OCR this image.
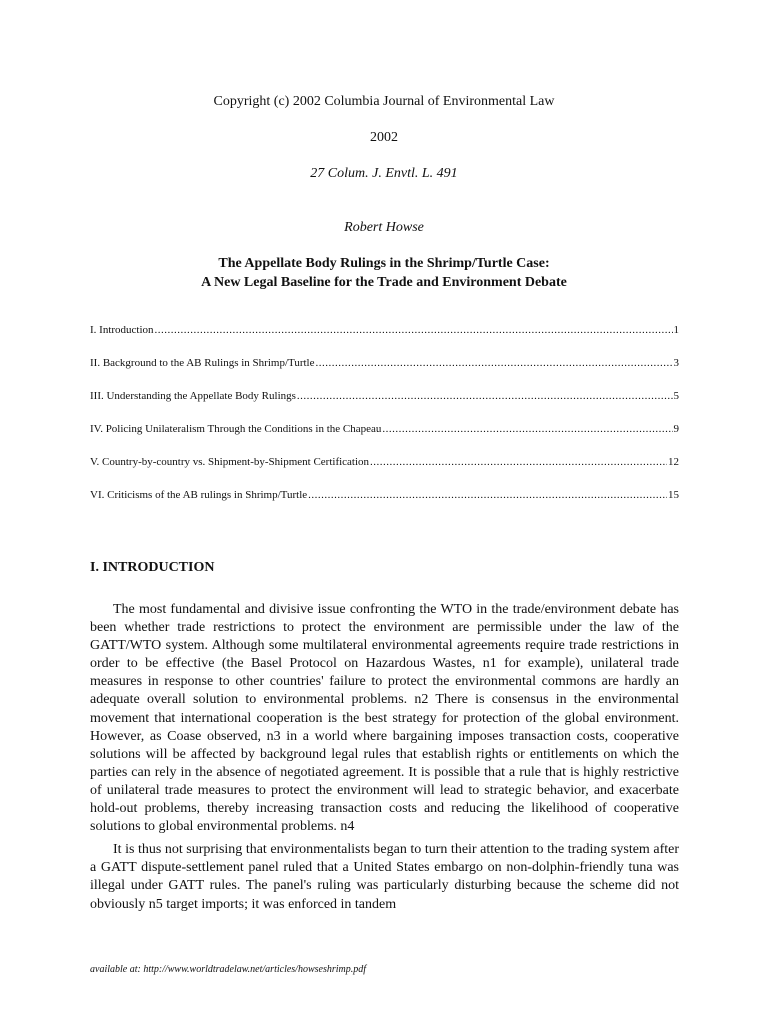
Copyright (c) 2002 Columbia Journal of Environmental Law
2002
27 Colum. J. Envtl. L. 491
Robert Howse
The Appellate Body Rulings in the Shrimp/Turtle Case:
A New Legal Baseline for the Trade and Environment Debate
I. Introduction .....	1
II. Background to the AB Rulings in Shrimp/Turtle .....	3
III. Understanding the Appellate Body Rulings .....	5
IV. Policing Unilateralism Through the Conditions in the Chapeau .....	9
V. Country-by-country vs. Shipment-by-Shipment Certification .....	12
VI. Criticisms of the AB rulings in Shrimp/Turtle .....	15
I. INTRODUCTION

The most fundamental and divisive issue confronting the WTO in the trade/environment debate has been whether trade restrictions to protect the environment are permissible under the law of the GATT/WTO system. Although some multilateral environmental agreements require trade restrictions in order to be effective (the Basel Protocol on Hazardous Wastes, n1 for example), unilateral trade measures in response to other countries' failure to protect the environmental commons are hardly an adequate overall solution to environmental problems. n2 There is consensus in the environmental movement that international cooperation is the best strategy for protection of the global environment. However, as Coase observed, n3 in a world where bargaining imposes transaction costs, cooperative solutions will be affected by background legal rules that establish rights or entitlements on which the parties can rely in the absence of negotiated agreement. It is possible that a rule that is highly restrictive of unilateral trade measures to protect the environment will lead to strategic behavior, and exacerbate hold-out problems, thereby increasing transaction costs and reducing the likelihood of cooperative solutions to global environmental problems. n4

It is thus not surprising that environmentalists began to turn their attention to the trading system after a GATT dispute-settlement panel ruled that a United States embargo on non-dolphin-friendly tuna was illegal under GATT rules. The panel's ruling was particularly disturbing because the scheme did not obviously n5 target imports; it was enforced in tandem

available at: http://www.worldtradelaw.net/articles/howseshrimp.pdf
